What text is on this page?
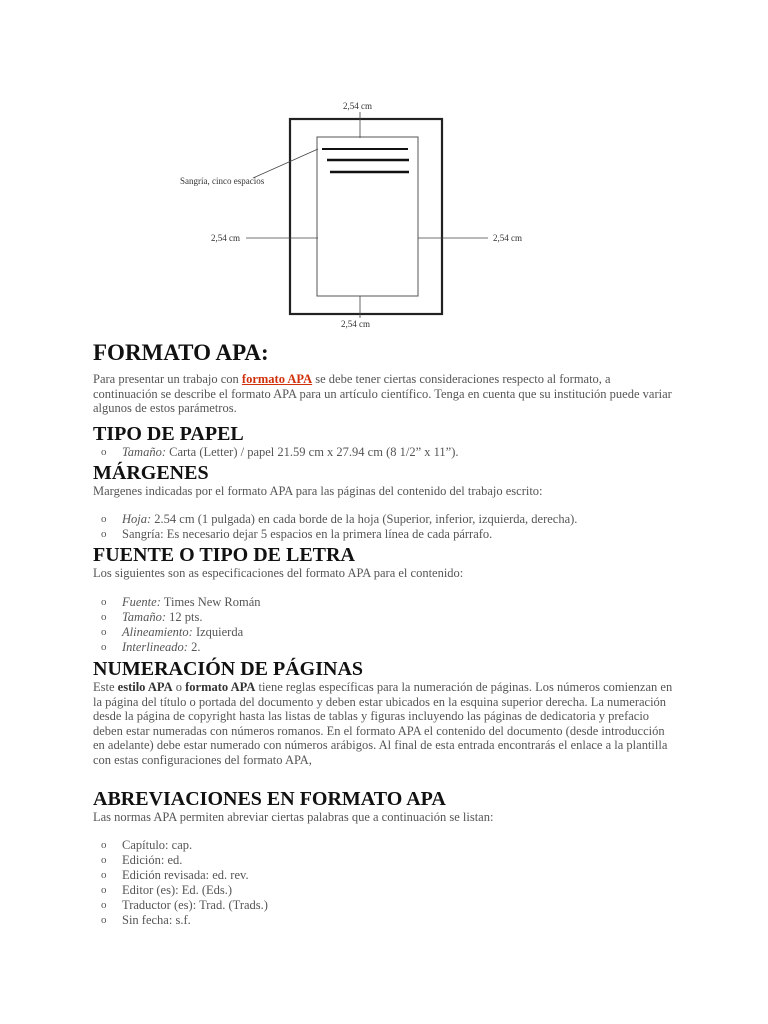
2,54 cm
Sangría, cinco espacios
2,54 cm	2,54 cm
2,54 cm
FORMATO APA:

Para presentar un trabajo con formato APA se debe tener ciertas consideraciones respecto al formato, a continuación se describe el formato APA para un artículo científico. Tenga en cuenta que su institución puede variar algunos de estos parámetros.

TIPO DE PAPEL
o Tamaño: Carta (Letter) / papel 21.59 cm x 27.94 cm (8 1/2” x 11”).
MÁRGENES

Margenes indicadas por el formato APA para las páginas del contenido del trabajo escrito:

o Hoja: 2.54 cm (1 pulgada) en cada borde de la hoja (Superior, inferior, izquierda, derecha).
o Sangría: Es necesario dejar 5 espacios en la primera línea de cada párrafo.
FUENTE O TIPO DE LETRA

Los siguientes son as especificaciones del formato APA para el contenido:

o Fuente: Times New Román
o Tamaño: 12 pts.
o Alineamiento: Izquierda
o Interlineado: 2.
NUMERACIÓN DE PÁGINAS

Este estilo APA o formato APA tiene reglas específicas para la numeración de páginas. Los números comienzan en la página del título o portada del documento y deben estar ubicados en la esquina superior derecha. La numeración desde la página de copyright hasta las listas de tablas y figuras incluyendo las páginas de dedicatoria y prefacio deben estar numeradas con números romanos. En el formato APA el contenido del documento (desde introducción en adelante) debe estar numerado con números arábigos. Al final de esta entrada encontrarás el enlace a la plantilla con estas configuraciones del formato APA,

ABREVIACIONES EN FORMATO APA

Las normas APA permiten abreviar ciertas palabras que a continuación se listan:

o Capítulo: cap.
o Edición: ed.
o Edición revisada: ed. rev.
o Editor (es): Ed. (Eds.)
o Traductor (es): Trad. (Trads.)
o Sin fecha: s.f.
